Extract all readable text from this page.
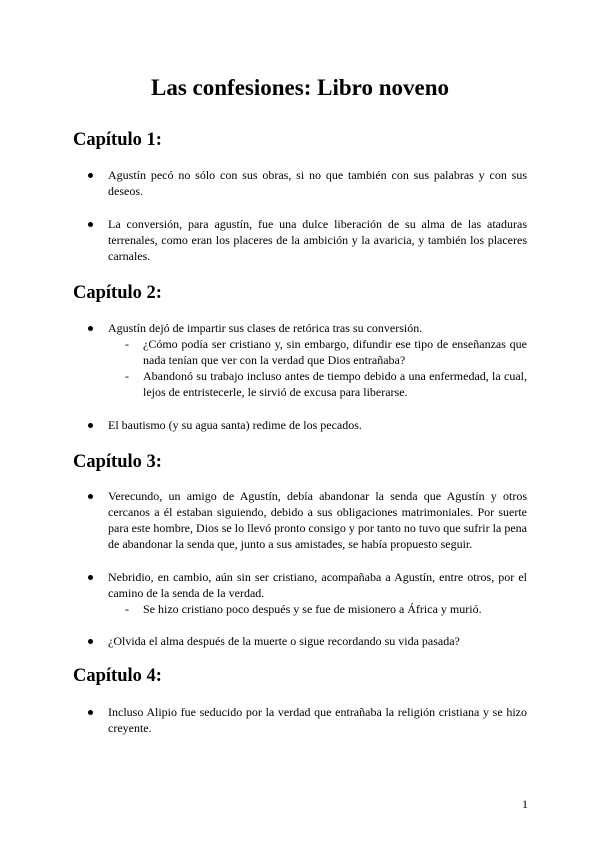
Las confesiones: Libro noveno
Capítulo 1:

Agustín pecó no sólo con sus obras, si no que también con sus palabras y con sus deseos.

La conversión, para agustín, fue una dulce liberación de su alma de las ataduras terrenales, como eran los placeres de la ambición y la avaricia, y también los placeres carnales.

Capítulo 2:

Agustín dejó de impartir sus clases de retórica tras su conversión.

- ¿Cómo podía ser cristiano y, sin embargo, difundir ese tipo de enseñanzas que nada tenían que ver con la verdad que Dios entrañaba?

- Abandonó su trabajo incluso antes de tiempo debido a una enfermedad, la cual, lejos de entristecerle, le sirvió de excusa para liberarse.

El bautismo (y su agua santa) redime de los pecados.

Capítulo 3:

Verecundo, un amigo de Agustín, debía abandonar la senda que Agustín y otros cercanos a él estaban siguiendo, debido a sus obligaciones matrimoniales. Por suerte para este hombre, Dios se lo llevó pronto consigo y por tanto no tuvo que sufrir la pena de abandonar la senda que, junto a sus amistades, se había propuesto seguir.

Nebridio, en cambio, aún sin ser cristiano, acompañaba a Agustín, entre otros, por el camino de la senda de la verdad.

- Se hizo cristiano poco después y se fue de misionero a África y murió.

¿Olvida el alma después de la muerte o sigue recordando su vida pasada?

Capítulo 4:

Incluso Alipio fue seducido por la verdad que entrañaba la religión cristiana y se hizo creyente.

1
